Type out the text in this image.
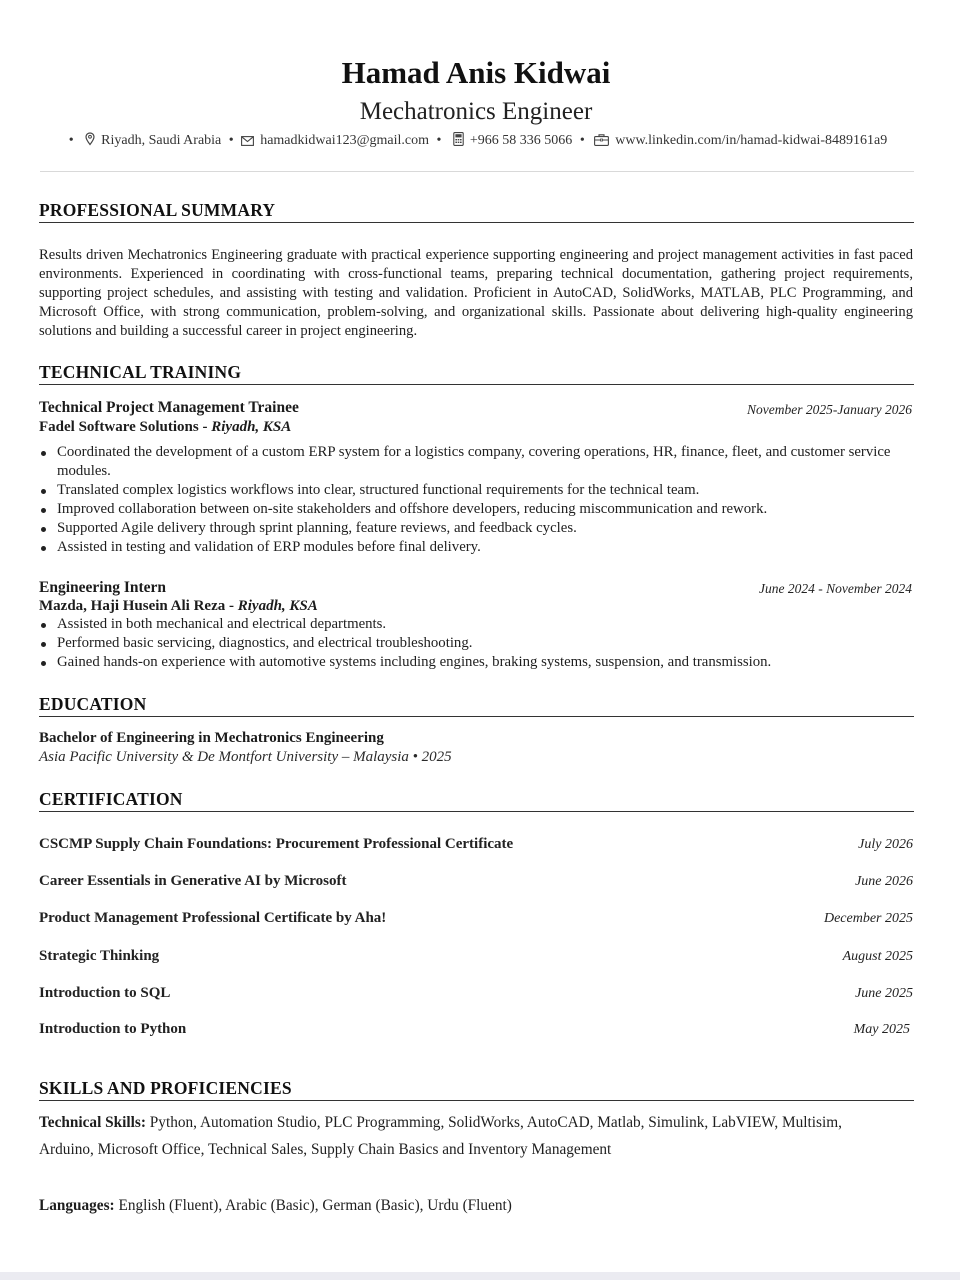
Hamad Anis Kidwai
Mechatronics Engineer
• Riyadh, Saudi Arabia • hamadkidwai123@gmail.com • +966 58 336 5066 • www.linkedin.com/in/hamad-kidwai-8489161a9
PROFESSIONAL SUMMARY
Results driven Mechatronics Engineering graduate with practical experience supporting engineering and project management activities in fast paced environments. Experienced in coordinating with cross-functional teams, preparing technical documentation, gathering project requirements, supporting project schedules, and assisting with testing and validation. Proficient in AutoCAD, SolidWorks, MATLAB, PLC Programming, and Microsoft Office, with strong communication, problem-solving, and organizational skills. Passionate about delivering high-quality engineering solutions and building a successful career in project engineering.
TECHNICAL TRAINING
Technical Project Management Trainee	November 2025-January 2026
Fadel Software Solutions - Riyadh, KSA
Coordinated the development of a custom ERP system for a logistics company, covering operations, HR, finance, fleet, and customer service modules.
Translated complex logistics workflows into clear, structured functional requirements for the technical team.
Improved collaboration between on-site stakeholders and offshore developers, reducing miscommunication and rework.
Supported Agile delivery through sprint planning, feature reviews, and feedback cycles.
Assisted in testing and validation of ERP modules before final delivery.
Engineering Intern	June 2024 - November 2024
Mazda, Haji Husein Ali Reza - Riyadh, KSA
Assisted in both mechanical and electrical departments.
Performed basic servicing, diagnostics, and electrical troubleshooting.
Gained hands-on experience with automotive systems including engines, braking systems, suspension, and transmission.
EDUCATION
Bachelor of Engineering in Mechatronics Engineering
Asia Pacific University & De Montfort University – Malaysia • 2025
CERTIFICATION
CSCMP Supply Chain Foundations: Procurement Professional Certificate	July 2026
Career Essentials in Generative AI by Microsoft	June 2026
Product Management Professional Certificate by Aha!	December 2025
Strategic Thinking	August 2025
Introduction to SQL	June 2025
Introduction to Python	May 2025
SKILLS AND PROFICIENCIES
Technical Skills: Python, Automation Studio, PLC Programming, SolidWorks, AutoCAD, Matlab, Simulink, LabVIEW, Multisim,
Arduino, Microsoft Office, Technical Sales, Supply Chain Basics and Inventory Management
Languages: English (Fluent), Arabic (Basic), German (Basic), Urdu (Fluent)
